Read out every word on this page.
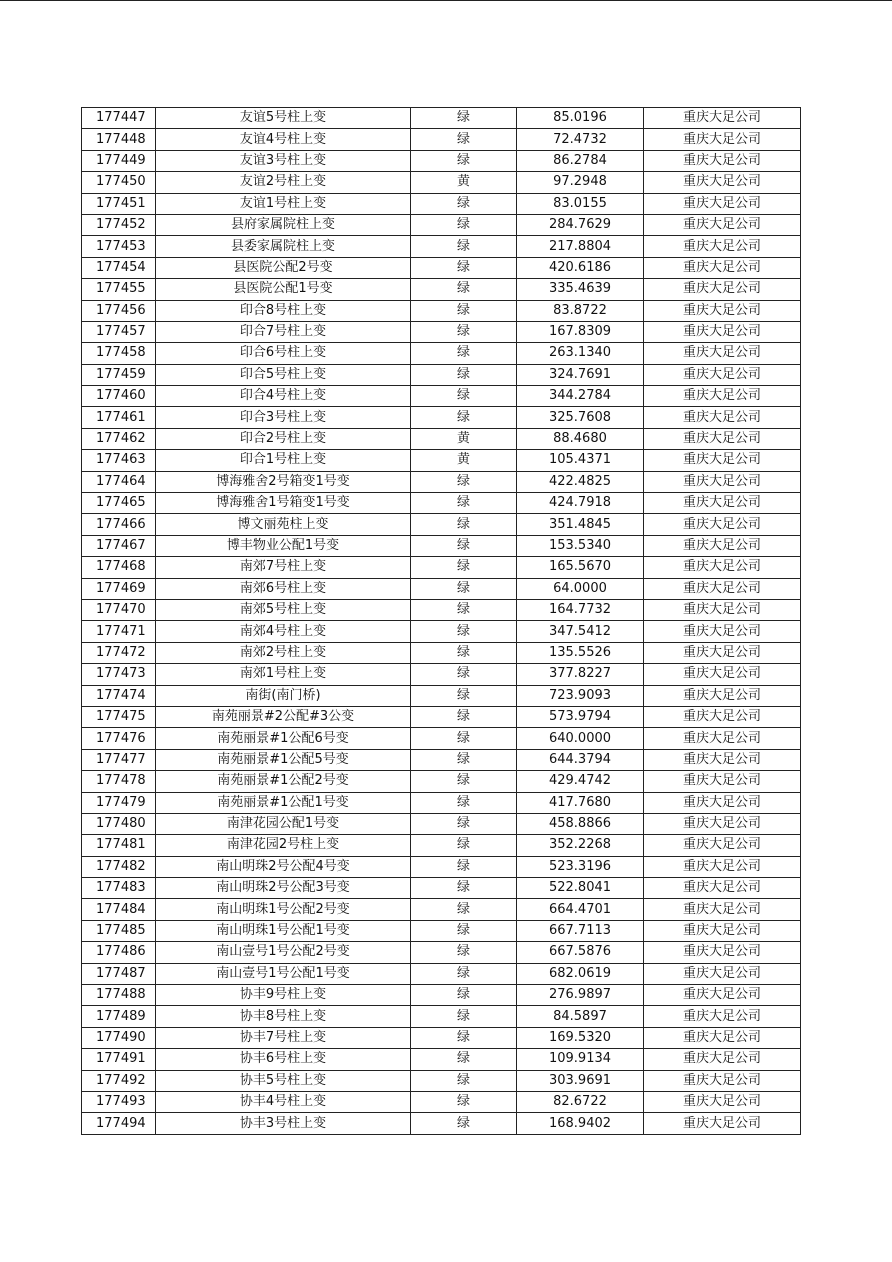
177447	友谊5号柱上变	绿	85.0196	重庆大足公司
177448	友谊4号柱上变	绿	72.4732	重庆大足公司
177449	友谊3号柱上变	绿	86.2784	重庆大足公司
177450	友谊2号柱上变	黄	97.2948	重庆大足公司
177451	友谊1号柱上变	绿	83.0155	重庆大足公司
177452	县府家属院柱上变	绿	284.7629	重庆大足公司
177453	县委家属院柱上变	绿	217.8804	重庆大足公司
177454	县医院公配2号变	绿	420.6186	重庆大足公司
177455	县医院公配1号变	绿	335.4639	重庆大足公司
177456	印合8号柱上变	绿	83.8722	重庆大足公司
177457	印合7号柱上变	绿	167.8309	重庆大足公司
177458	印合6号柱上变	绿	263.1340	重庆大足公司
177459	印合5号柱上变	绿	324.7691	重庆大足公司
177460	印合4号柱上变	绿	344.2784	重庆大足公司
177461	印合3号柱上变	绿	325.7608	重庆大足公司
177462	印合2号柱上变	黄	88.4680	重庆大足公司
177463	印合1号柱上变	黄	105.4371	重庆大足公司
177464	博海雅舍2号箱变1号变	绿	422.4825	重庆大足公司
177465	博海雅舍1号箱变1号变	绿	424.7918	重庆大足公司
177466	博文丽苑柱上变	绿	351.4845	重庆大足公司
177467	博丰物业公配1号变	绿	153.5340	重庆大足公司
177468	南郊7号柱上变	绿	165.5670	重庆大足公司
177469	南郊6号柱上变	绿	64.0000	重庆大足公司
177470	南郊5号柱上变	绿	164.7732	重庆大足公司
177471	南郊4号柱上变	绿	347.5412	重庆大足公司
177472	南郊2号柱上变	绿	135.5526	重庆大足公司
177473	南郊1号柱上变	绿	377.8227	重庆大足公司
177474	南街(南门桥)	绿	723.9093	重庆大足公司
177475	南苑丽景#2公配#3公变	绿	573.9794	重庆大足公司
177476	南苑丽景#1公配6号变	绿	640.0000	重庆大足公司
177477	南苑丽景#1公配5号变	绿	644.3794	重庆大足公司
177478	南苑丽景#1公配2号变	绿	429.4742	重庆大足公司
177479	南苑丽景#1公配1号变	绿	417.7680	重庆大足公司
177480	南津花园公配1号变	绿	458.8866	重庆大足公司
177481	南津花园2号柱上变	绿	352.2268	重庆大足公司
177482	南山明珠2号公配4号变	绿	523.3196	重庆大足公司
177483	南山明珠2号公配3号变	绿	522.8041	重庆大足公司
177484	南山明珠1号公配2号变	绿	664.4701	重庆大足公司
177485	南山明珠1号公配1号变	绿	667.7113	重庆大足公司
177486	南山壹号1号公配2号变	绿	667.5876	重庆大足公司
177487	南山壹号1号公配1号变	绿	682.0619	重庆大足公司
177488	协丰9号柱上变	绿	276.9897	重庆大足公司
177489	协丰8号柱上变	绿	84.5897	重庆大足公司
177490	协丰7号柱上变	绿	169.5320	重庆大足公司
177491	协丰6号柱上变	绿	109.9134	重庆大足公司
177492	协丰5号柱上变	绿	303.9691	重庆大足公司
177493	协丰4号柱上变	绿	82.6722	重庆大足公司
177494	协丰3号柱上变	绿	168.9402	重庆大足公司
